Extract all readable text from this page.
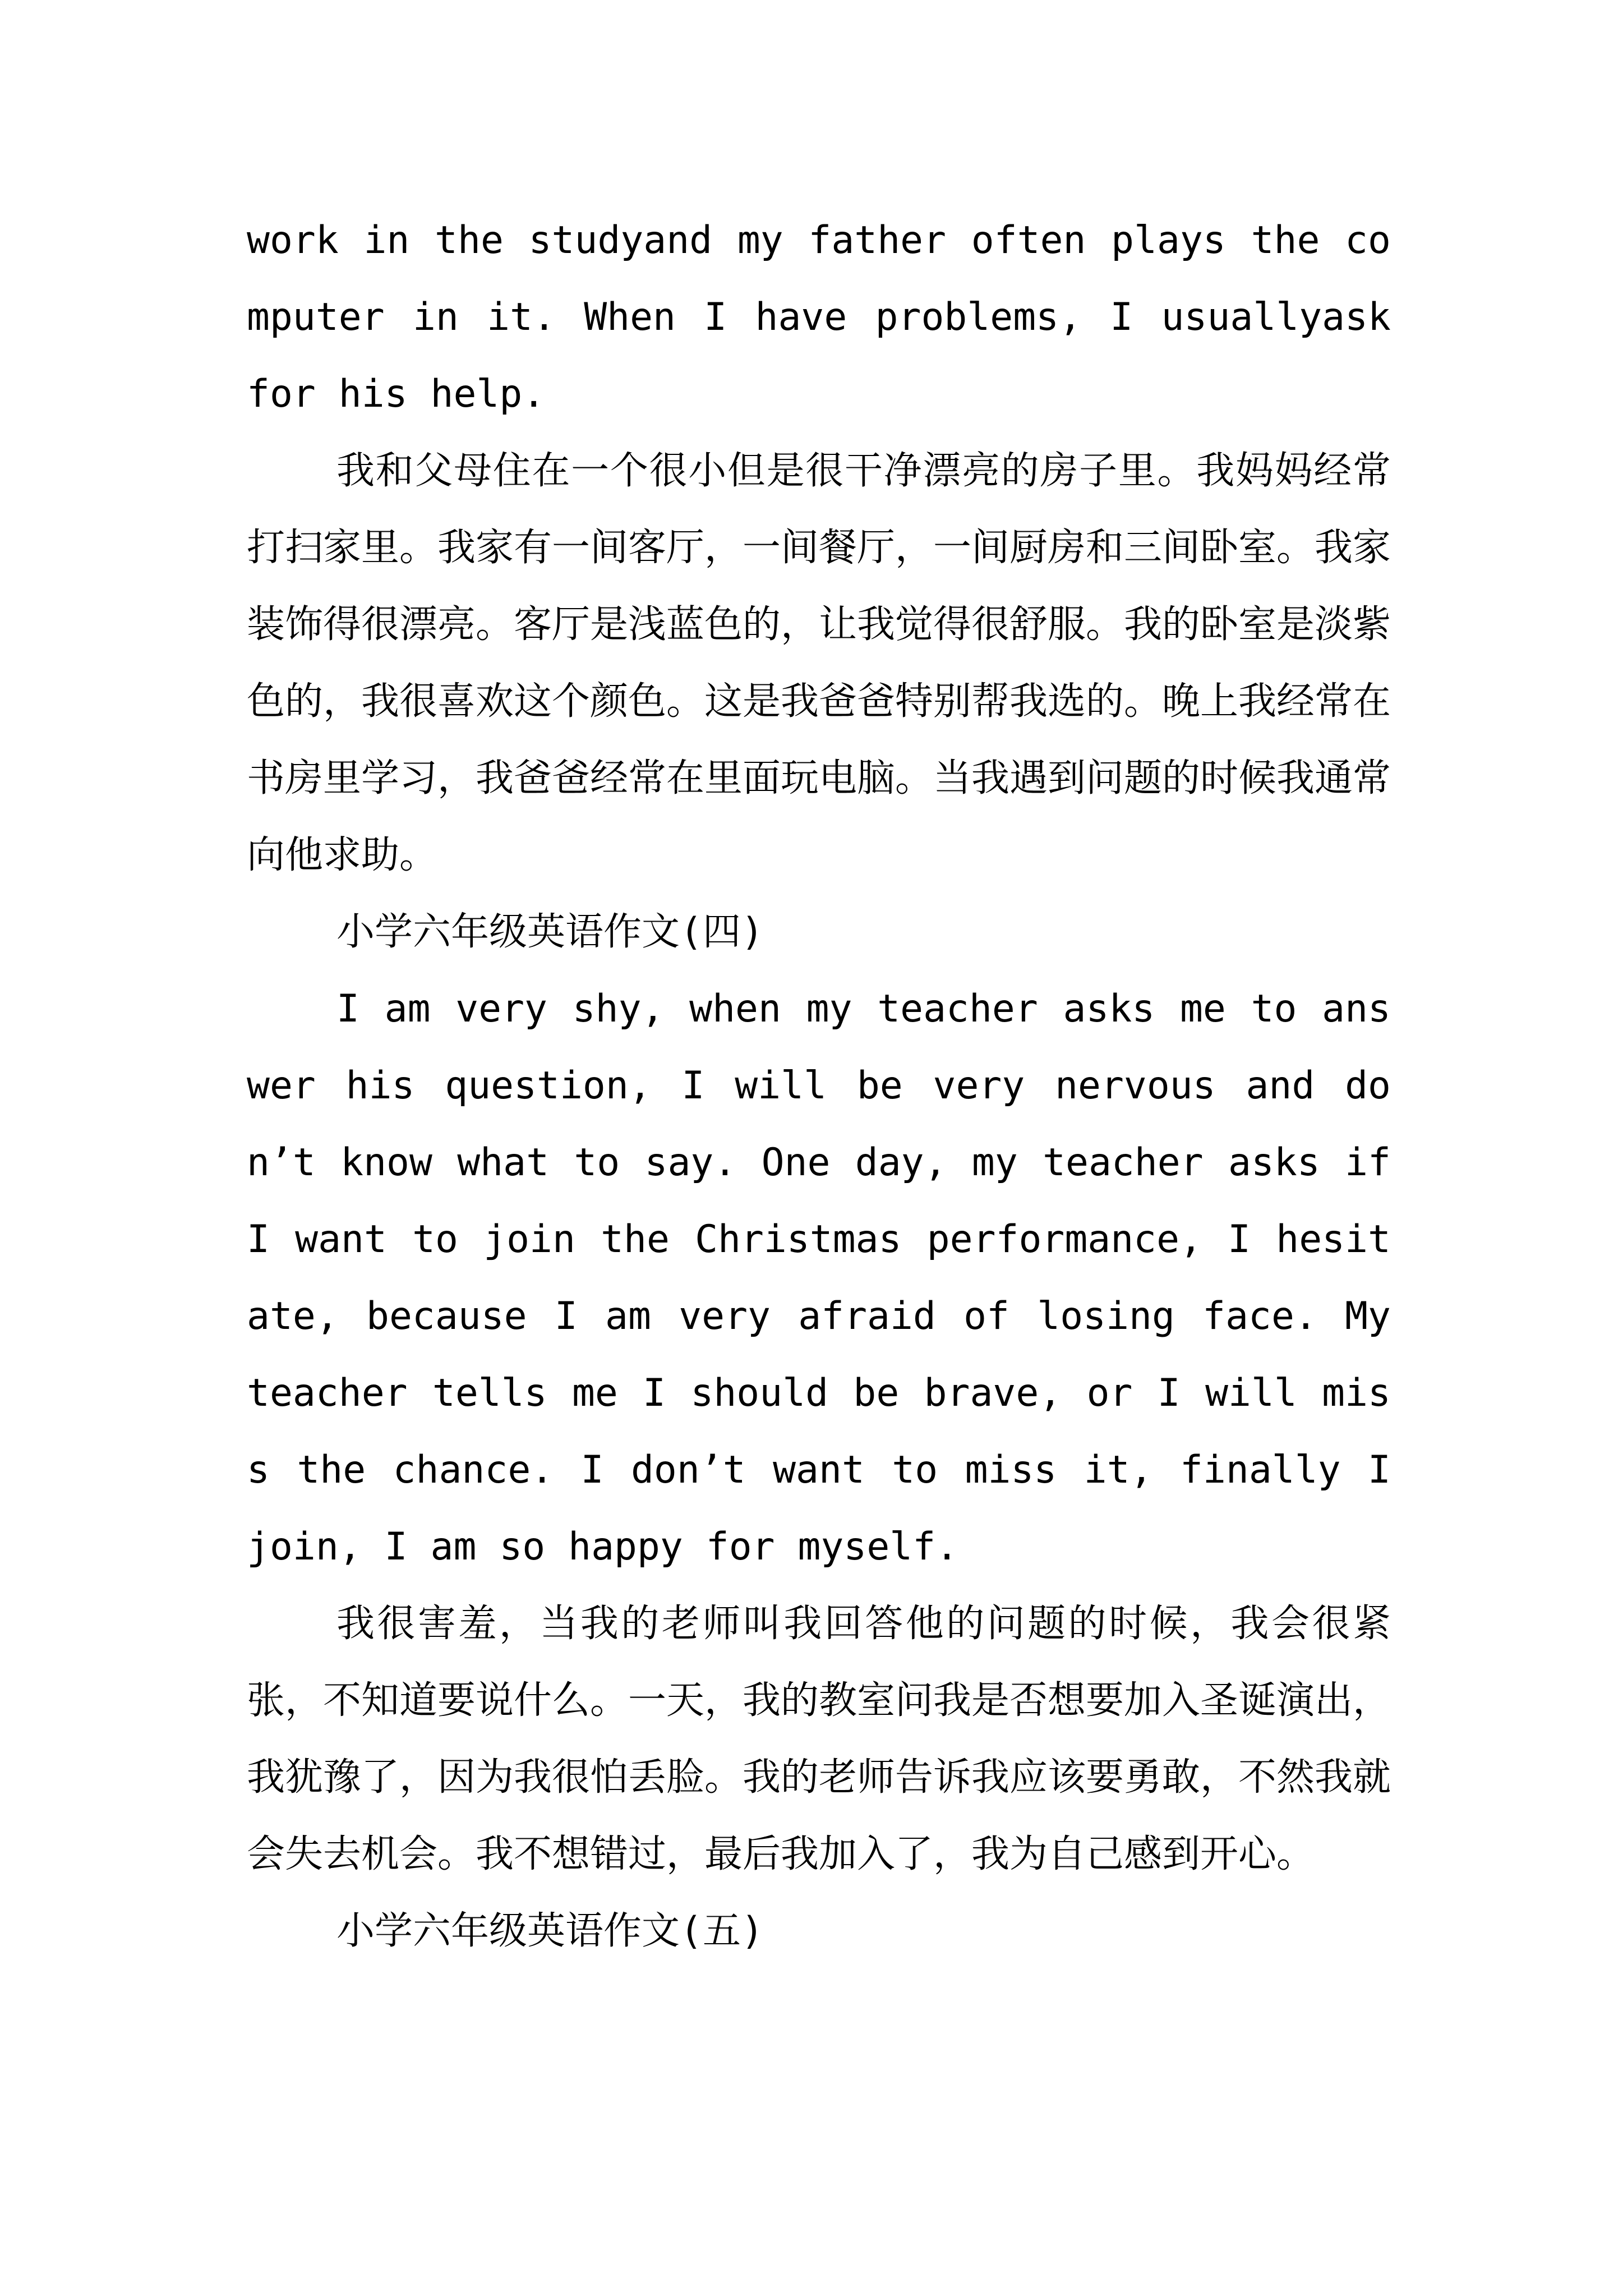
work in the studyand my father often plays the computer in it. When I have problems, I usuallyask for his help.

我和父母住在一个很小但是很干净漂亮的房子里。我妈妈经常打扫家里。我家有一间客厅，一间餐厅，一间厨房和三间卧室。我家装饰得很漂亮。客厅是浅蓝色的，让我觉得很舒服。我的卧室是淡紫色的，我很喜欢这个颜色。这是我爸爸特别帮我选的。晚上我经常在书房里学习，我爸爸经常在里面玩电脑。当我遇到问题的时候我通常向他求助。

小学六年级英语作文(四)

I am very shy, when my teacher asks me to answer his question, I will be very nervous and don’t know what to say. One day, my teacher asks if I want to join the Christmas performance, I hesitate, because I am very afraid of losing face. My teacher tells me I should be brave, or I will miss the chance. I don’t want to miss it, finally I join, I am so happy for myself.

我很害羞，当我的老师叫我回答他的问题的时候，我会很紧张，不知道要说什么。一天，我的教室问我是否想要加入圣诞演出，我犹豫了，因为我很怕丢脸。我的老师告诉我应该要勇敢，不然我就会失去机会。我不想错过，最后我加入了，我为自己感到开心。

小学六年级英语作文(五)
